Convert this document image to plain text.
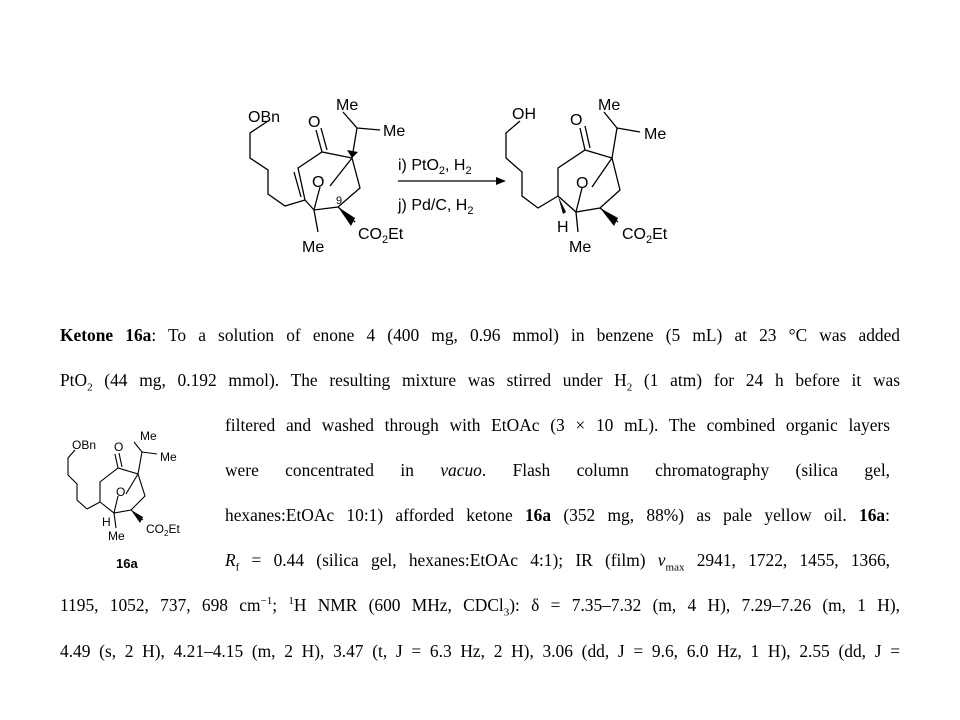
OBn O
Me
Me
O
9
Me
$CO_2Et$
i) PtO$_2$, $H_2$
j) Pd/C, $H_2$
OH O
Me
Me
O
H
Me
$CO_2Et$
OBn O
Me
Me
O
H
Me $CO_2Et$
16a
Ketone 16a: To a solution of enone 4 (400 mg, 0.96 mmol) in benzene (5 mL) at 23 °C was added
PtO$_2$ (44 mg, 0.192 mmol). The resulting mixture was stirred under $H_2$ (1 atm) for 24 h before it was
filtered and washed through with EtOAc (3 × 10 mL). The combined organic layers
were concentrated in vacuo. Flash column chromatography (silica gel,
hexanes:EtOAc 10:1) afforded ketone 16a (352 mg, 88%) as pale yellow oil. 16a:
$R_f = 0.44$ (silica gel, hexanes:EtOAc 4:1); IR (film) $\nu_{max}$ 2941, 1722, 1455, 1366,
1195, 1052, 737, 698 $cm^{-1}$; $^1$H NMR (600 MHz, CDCl$_3$): δ = 7.35–7.32 (m, 4 H), 7.29–7.26 (m, 1 H),
4.49 (s, 2 H), 4.21–4.15 (m, 2 H), 3.47 (t, J = 6.3 Hz, 2 H), 3.06 (dd, J = 9.6, 6.0 Hz, 1 H), 2.55 (dd, J =
